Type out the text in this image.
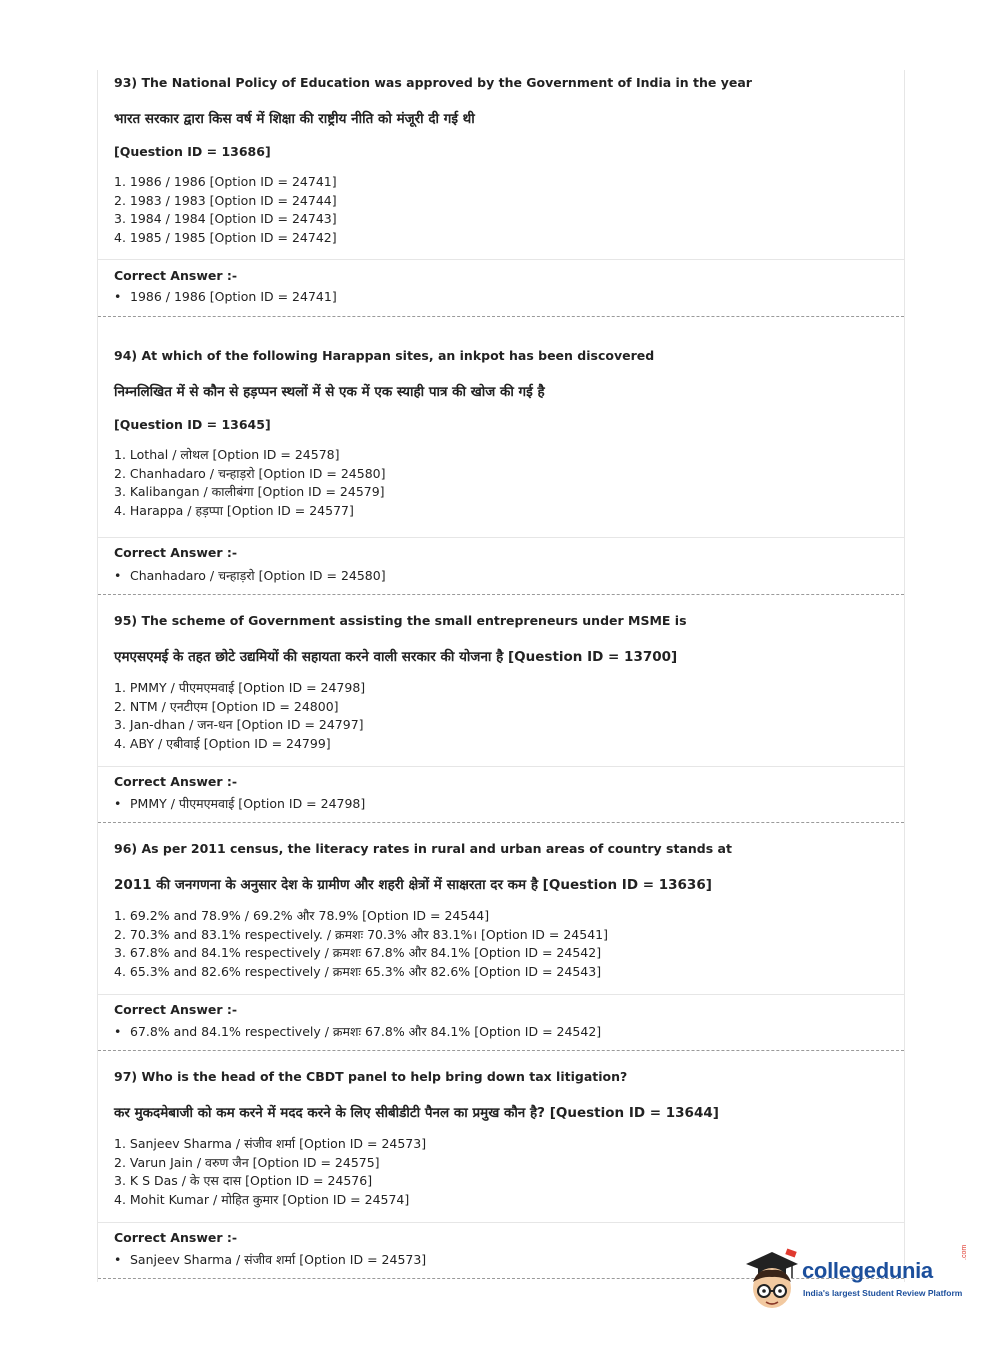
93) The National Policy of Education was approved by the Government of India in the year
भारत सरकार द्वारा किस वर्ष में शिक्षा की राष्ट्रीय नीति को मंजूरी दी गई थी
[Question ID = 13686]
1. 1986 / 1986 [Option ID = 24741]
2. 1983 / 1983 [Option ID = 24744]
3. 1984 / 1984 [Option ID = 24743]
4. 1985 / 1985 [Option ID = 24742]
Correct Answer :-
• 1986 / 1986 [Option ID = 24741]
94) At which of the following Harappan sites, an inkpot has been discovered
निम्नलिखित में से कौन से हड़प्पन स्थलों में से एक में एक स्याही पात्र की खोज की गई है
[Question ID = 13645]
1. Lothal / लोथल [Option ID = 24578]
2. Chanhadaro / चन्हाड़रो [Option ID = 24580]
3. Kalibangan / कालीबंगा [Option ID = 24579]
4. Harappa / हड़प्पा [Option ID = 24577]
Correct Answer :-
• Chanhadaro / चन्हाड़रो [Option ID = 24580]
95) The scheme of Government assisting the small entrepreneurs under MSME is
एमएसएमई के तहत छोटे उद्यमियों की सहायता करने वाली सरकार की योजना है [Question ID = 13700]
1. PMMY / पीएमएमवाई [Option ID = 24798]
2. NTM / एनटीएम [Option ID = 24800]
3. Jan-dhan / जन-धन [Option ID = 24797]
4. ABY / एबीवाई [Option ID = 24799]
Correct Answer :-
• PMMY / पीएमएमवाई [Option ID = 24798]
96) As per 2011 census, the literacy rates in rural and urban areas of country stands at
2011 की जनगणना के अनुसार देश के ग्रामीण और शहरी क्षेत्रों में साक्षरता दर कम है [Question ID = 13636]
1. 69.2% and 78.9% / 69.2% और 78.9% [Option ID = 24544]
2. 70.3% and 83.1% respectively. / क्रमशः 70.3% और 83.1%। [Option ID = 24541]
3. 67.8% and 84.1% respectively / क्रमशः 67.8% और 84.1% [Option ID = 24542]
4. 65.3% and 82.6% respectively / क्रमशः 65.3% और 82.6% [Option ID = 24543]
Correct Answer :-
• 67.8% and 84.1% respectively / क्रमशः 67.8% और 84.1% [Option ID = 24542]
97) Who is the head of the CBDT panel to help bring down tax litigation?
कर मुकदमेबाजी को कम करने में मदद करने के लिए सीबीडीटी पैनल का प्रमुख कौन है? [Question ID = 13644]
1. Sanjeev Sharma / संजीव शर्मा [Option ID = 24573]
2. Varun Jain / वरुण जैन [Option ID = 24575]
3. K S Das / के एस दास [Option ID = 24576]
4. Mohit Kumar / मोहित कुमार [Option ID = 24574]
Correct Answer :-
• Sanjeev Sharma / संजीव शर्मा [Option ID = 24573]	collegedunia
.com
India's largest Student Review Platform
